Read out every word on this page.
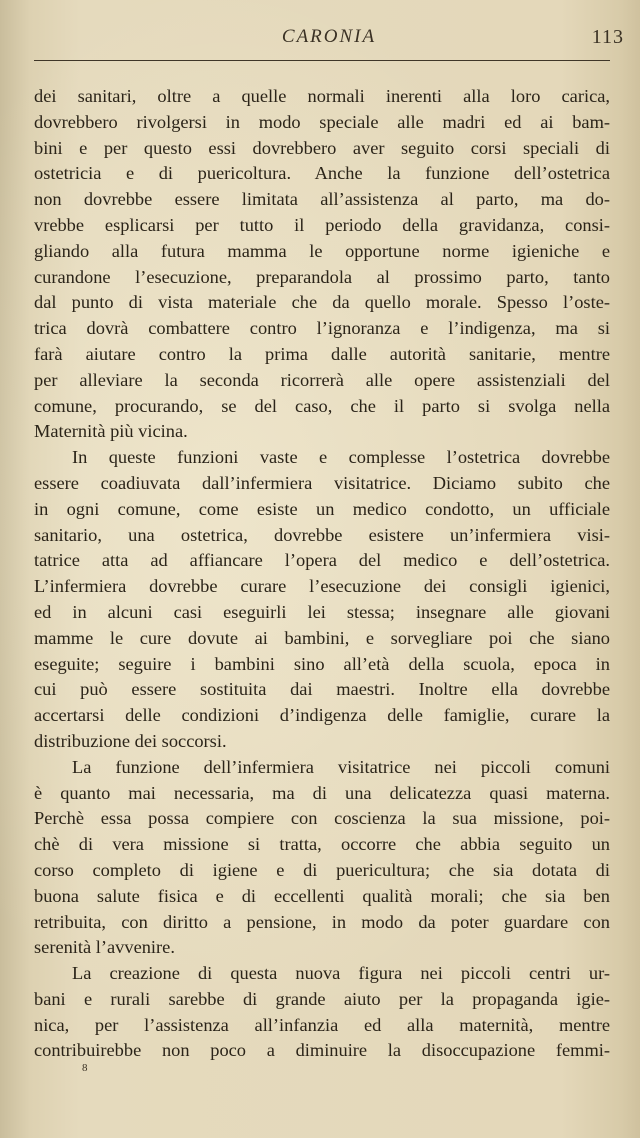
CARONIA	113
dei sanitari, oltre a quelle normali inerenti alla loro carica,
dovrebbero rivolgersi in modo speciale alle madri ed ai bam-
bini e per questo essi dovrebbero aver seguito corsi speciali di
ostetricia e di puericoltura. Anche la funzione dell’ostetrica
non dovrebbe essere limitata all’assistenza al parto, ma do-
vrebbe esplicarsi per tutto il periodo della gravidanza, consi-
gliando alla futura mamma le opportune norme igieniche e
curandone l’esecuzione, preparandola al prossimo parto, tanto
dal punto di vista materiale che da quello morale. Spesso l’oste-
trica dovrà combattere contro l’ignoranza e l’indigenza, ma si
farà aiutare contro la prima dalle autorità sanitarie, mentre
per alleviare la seconda ricorrerà alle opere assistenziali del
comune, procurando, se del caso, che il parto si svolga nella
Maternità più vicina.
In queste funzioni vaste e complesse l’ostetrica dovrebbe
essere coadiuvata dall’infermiera visitatrice. Diciamo subito che
in ogni comune, come esiste un medico condotto, un ufficiale
sanitario, una ostetrica, dovrebbe esistere un’infermiera visi-
tatrice atta ad affiancare l’opera del medico e dell’ostetrica.
L’infermiera dovrebbe curare l’esecuzione dei consigli igienici,
ed in alcuni casi eseguirli lei stessa; insegnare alle giovani
mamme le cure dovute ai bambini, e sorvegliare poi che siano
eseguite; seguire i bambini sino all’età della scuola, epoca in
cui può essere sostituita dai maestri. Inoltre ella dovrebbe
accertarsi delle condizioni d’indigenza delle famiglie, curare la
distribuzione dei soccorsi.
La funzione dell’infermiera visitatrice nei piccoli comuni
è quanto mai necessaria, ma di una delicatezza quasi materna.
Perchè essa possa compiere con coscienza la sua missione, poi-
chè di vera missione si tratta, occorre che abbia seguito un
corso completo di igiene e di puericultura; che sia dotata di
buona salute fisica e di eccellenti qualità morali; che sia ben
retribuita, con diritto a pensione, in modo da poter guardare con
serenità l’avvenire.
La creazione di questa nuova figura nei piccoli centri ur-
bani e rurali sarebbe di grande aiuto per la propaganda igie-
nica, per l’assistenza all’infanzia ed alla maternità, mentre
contribuirebbe non poco a diminuire la disoccupazione femmi-
8
